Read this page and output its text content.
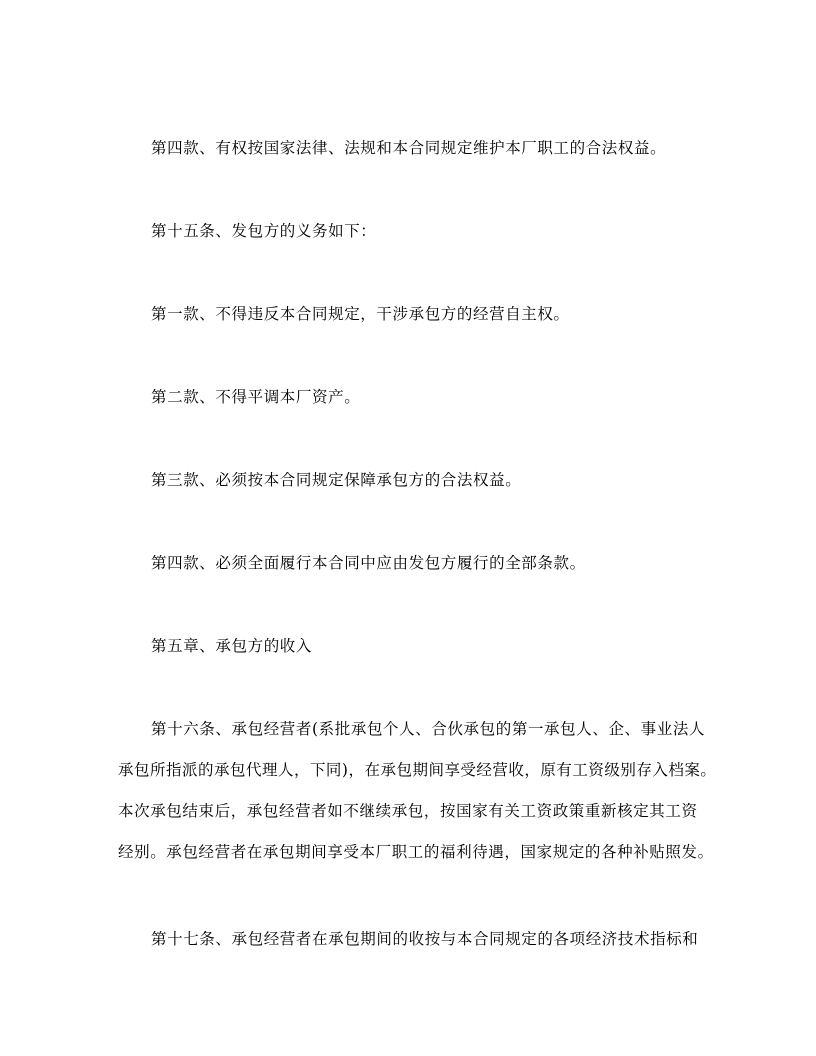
第四款、有权按国家法律、法规和本合同规定维护本厂职工的合法权益。
第十五条、发包方的义务如下：
第一款、不得违反本合同规定，干涉承包方的经营自主权。
第二款、不得平调本厂资产。
第三款、必须按本合同规定保障承包方的合法权益。
第四款、必须全面履行本合同中应由发包方履行的全部条款。
第五章、承包方的收入
第十六条、承包经营者(系批承包个人、合伙承包的第一承包人、企、事业法人
承包所指派的承包代理人，下同)，在承包期间享受经营收，原有工资级别存入档案。
本次承包结束后，承包经营者如不继续承包，按国家有关工资政策重新核定其工资
经别。承包经营者在承包期间享受本厂职工的福利待遇，国家规定的各种补贴照发。
第十七条、承包经营者在承包期间的收按与本合同规定的各项经济技术指标和
